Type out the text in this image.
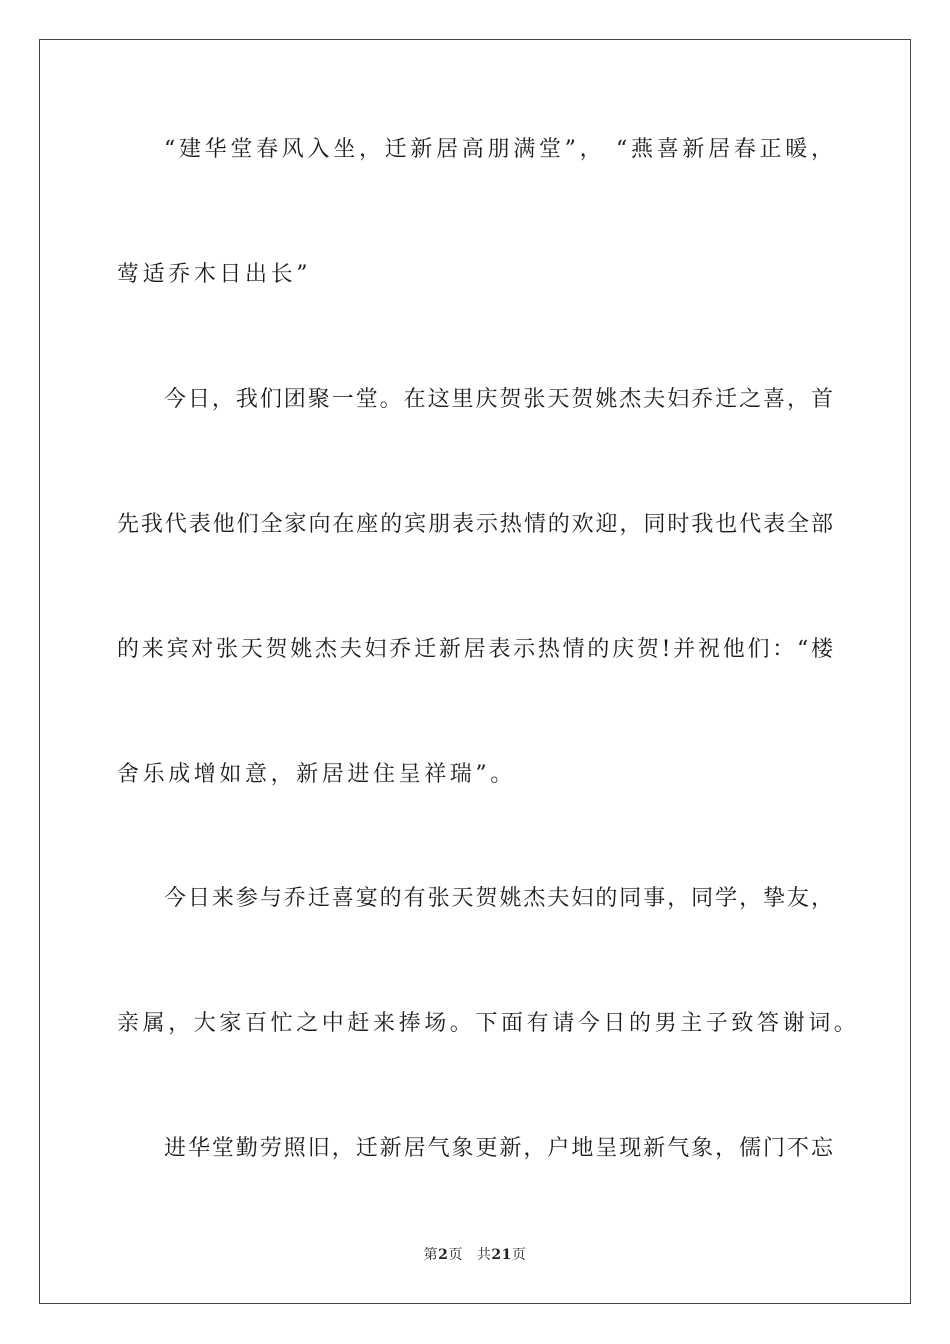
“建华堂春风入坐，迁新居高朋满堂”， “燕喜新居春正暖，
莺适乔木日出长”
今日，我们团聚一堂。在这里庆贺张天贺姚杰夫妇乔迁之喜，首
先我代表他们全家向在座的宾朋表示热情的欢迎，同时我也代表全部
的来宾对张天贺姚杰夫妇乔迁新居表示热情的庆贺!并祝他们：“楼
舍乐成增如意，新居进住呈祥瑞”。
今日来参与乔迁喜宴的有张天贺姚杰夫妇的同事，同学，挚友，
亲属，大家百忙之中赶来捧场。下面有请今日的男主子致答谢词。
进华堂勤劳照旧，迁新居气象更新，户地呈现新气象，儒门不忘
第2页 共21页
